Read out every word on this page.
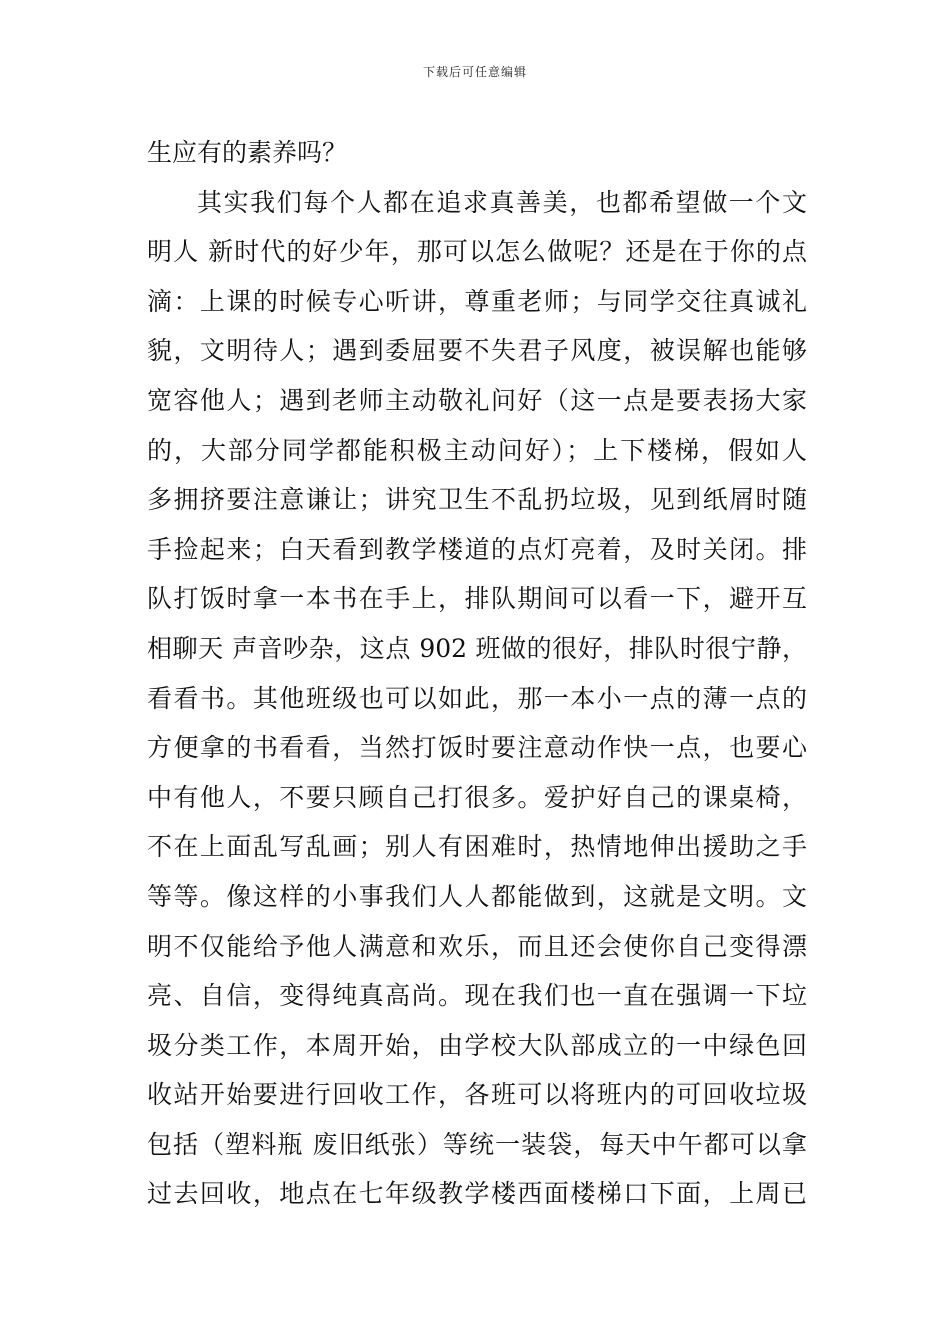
下载后可任意编辑
生应有的素养吗？
其实我们每个人都在追求真善美，也都希望做一个文
明人 新时代的好少年，那可以怎么做呢？还是在于你的点
滴：上课的时候专心听讲，尊重老师；与同学交往真诚礼
貌，文明待人；遇到委屈要不失君子风度，被误解也能够
宽容他人；遇到老师主动敬礼问好（这一点是要表扬大家
的，大部分同学都能积极主动问好）；上下楼梯，假如人
多拥挤要注意谦让；讲究卫生不乱扔垃圾，见到纸屑时随
手捡起来；白天看到教学楼道的点灯亮着，及时关闭。排
队打饭时拿一本书在手上，排队期间可以看一下，避开互
相聊天 声音吵杂，这点 902 班做的很好，排队时很宁静，
看看书。其他班级也可以如此，那一本小一点的薄一点的
方便拿的书看看，当然打饭时要注意动作快一点，也要心
中有他人，不要只顾自己打很多。爱护好自己的课桌椅，
不在上面乱写乱画；别人有困难时，热情地伸出援助之手
等等。像这样的小事我们人人都能做到，这就是文明。文
明不仅能给予他人满意和欢乐，而且还会使你自己变得漂
亮、自信，变得纯真高尚。现在我们也一直在强调一下垃
圾分类工作，本周开始，由学校大队部成立的一中绿色回
收站开始要进行回收工作，各班可以将班内的可回收垃圾
包括（塑料瓶 废旧纸张）等统一装袋，每天中午都可以拿
过去回收，地点在七年级教学楼西面楼梯口下面，上周已
